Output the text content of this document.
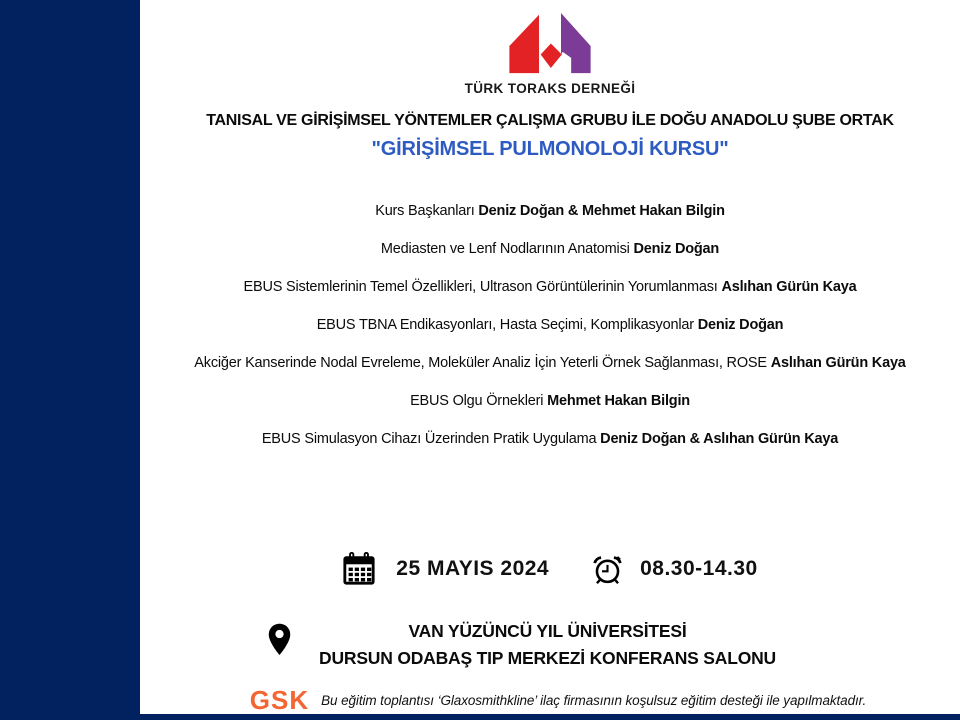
TÜRK TORAKS DERNEĞİ
TANISAL VE GİRİŞİMSEL YÖNTEMLER ÇALIŞMA GRUBU İLE DOĞU ANADOLU ŞUBE ORTAK
"GİRİŞİMSEL PULMONOLOJİ KURSU"
Kurs Başkanları Deniz Doğan & Mehmet Hakan Bilgin
Mediasten ve Lenf Nodlarının Anatomisi Deniz Doğan
EBUS Sistemlerinin Temel Özellikleri, Ultrason Görüntülerinin Yorumlanması Aslıhan Gürün Kaya
EBUS TBNA Endikasyonları, Hasta Seçimi, Komplikasyonlar Deniz Doğan
Akciğer Kanserinde Nodal Evreleme, Moleküler Analiz İçin Yeterli Örnek Sağlanması, ROSE Aslıhan Gürün Kaya
EBUS Olgu Örnekleri Mehmet Hakan Bilgin
EBUS Simulasyon Cihazı Üzerinden Pratik Uygulama Deniz Doğan & Aslıhan Gürün Kaya
25 MAYIS 2024	08.30-14.30
VAN YÜZÜNCÜ YIL ÜNİVERSİTESİ
DURSUN ODABAŞ TIP MERKEZİ KONFERANS SALONU
GSK Bu eğitim toplantısı ‘Glaxosmithkline’ ilaç firmasının koşulsuz eğitim desteği ile yapılmaktadır.
